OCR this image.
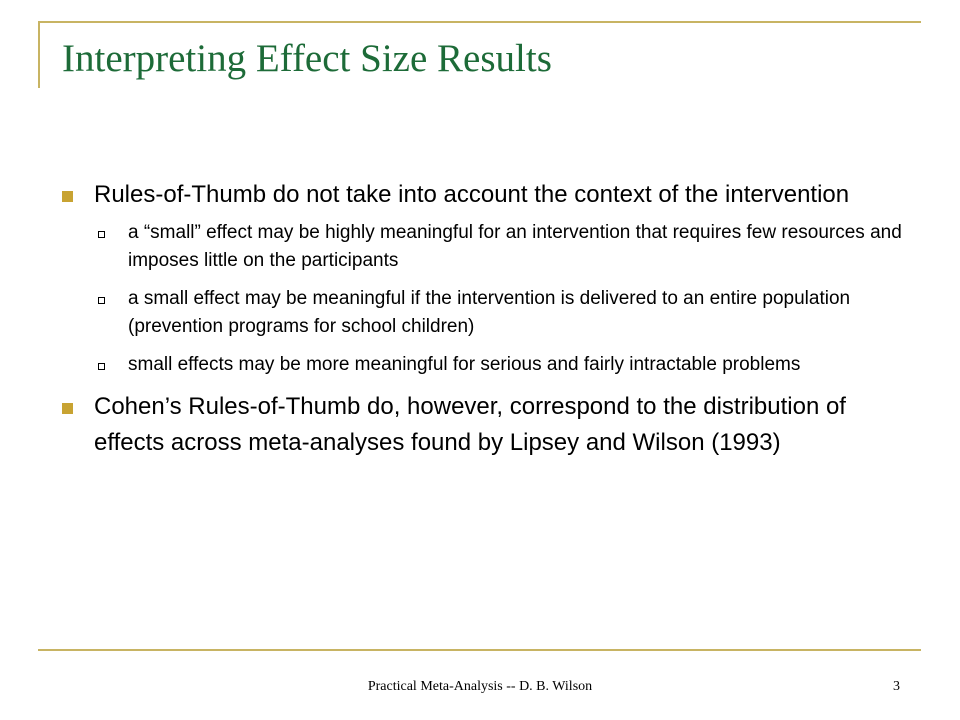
Interpreting Effect Size Results
Rules-of-Thumb do not take into account the context of the intervention
a “small” effect may be highly meaningful for an intervention that requires few resources and imposes little on the participants
a small effect may be meaningful if the intervention is delivered to an entire population (prevention programs for school children)
small effects may be more meaningful for serious and fairly intractable problems
Cohen’s Rules-of-Thumb do, however, correspond to the distribution of effects across meta-analyses found by Lipsey and Wilson (1993)
Practical Meta-Analysis -- D. B. Wilson	3
